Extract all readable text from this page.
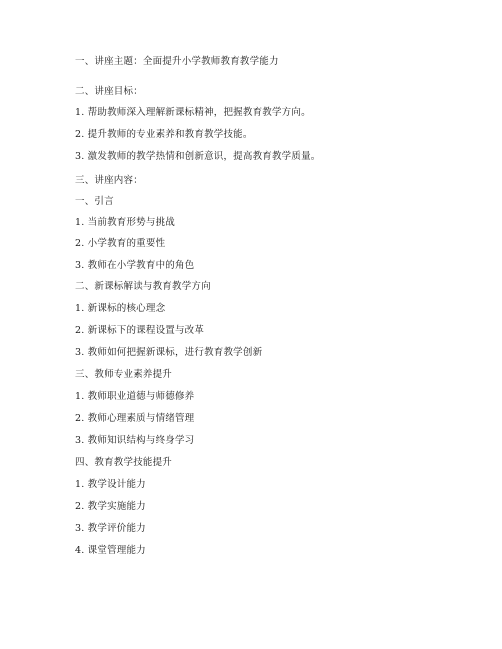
一、讲座主题：全面提升小学教师教育教学能力
二、讲座目标：
1. 帮助教师深入理解新课标精神，把握教育教学方向。
2. 提升教师的专业素养和教育教学技能。
3. 激发教师的教学热情和创新意识，提高教育教学质量。
三、讲座内容：
一、引言
1. 当前教育形势与挑战
2. 小学教育的重要性
3. 教师在小学教育中的角色
二、新课标解读与教育教学方向
1. 新课标的核心理念
2. 新课标下的课程设置与改革
3. 教师如何把握新课标，进行教育教学创新
三、教师专业素养提升
1. 教师职业道德与师德修养
2. 教师心理素质与情绪管理
3. 教师知识结构与终身学习
四、教育教学技能提升
1. 教学设计能力
2. 教学实施能力
3. 教学评价能力
4. 课堂管理能力
